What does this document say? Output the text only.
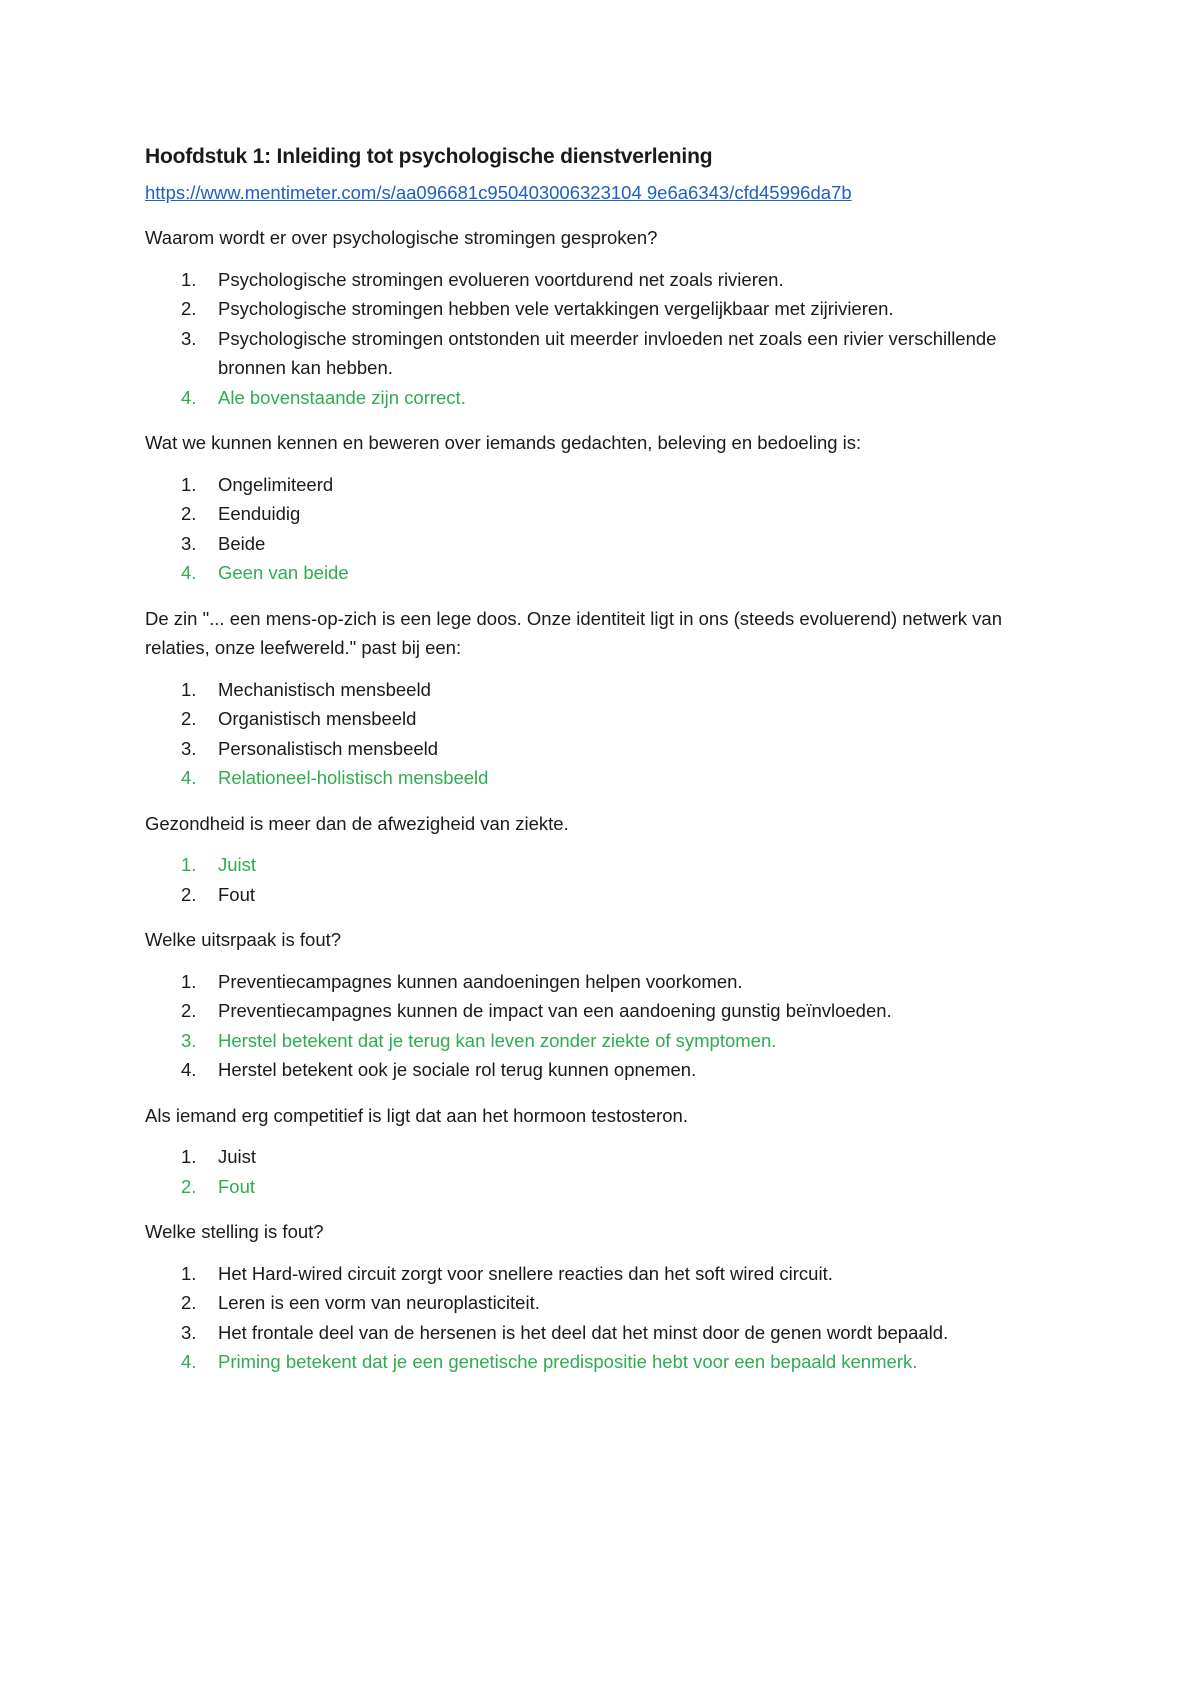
Hoofdstuk 1: Inleiding tot psychologische dienstverlening
https://www.mentimeter.com/s/aa096681c950403006323104 9e6a6343/cfd45996da7b

Waarom wordt er over psychologische stromingen gesproken?

1. Psychologische stromingen evolueren voortdurend net zoals rivieren.
2. Psychologische stromingen hebben vele vertakkingen vergelijkbaar met zijrivieren.
3. Psychologische stromingen ontstonden uit meerder invloeden net zoals een rivier verschillende bronnen kan hebben.
4. Ale bovenstaande zijn correct.

Wat we kunnen kennen en beweren over iemands gedachten, beleving en bedoeling is:

1. Ongelimiteerd
2. Eenduidig
3. Beide
4. Geen van beide

De zin "... een mens-op-zich is een lege doos. Onze identiteit ligt in ons (steeds evoluerend) netwerk van relaties, onze leefwereld." past bij een:

1. Mechanistisch mensbeeld
2. Organistisch mensbeeld
3. Personalistisch mensbeeld
4. Relationeel-holistisch mensbeeld

Gezondheid is meer dan de afwezigheid van ziekte.

1. Juist
2. Fout

Welke uitsrpaak is fout?

1. Preventiecampagnes kunnen aandoeningen helpen voorkomen.
2. Preventiecampagnes kunnen de impact van een aandoening gunstig beïnvloeden.
3. Herstel betekent dat je terug kan leven zonder ziekte of symptomen.
4. Herstel betekent ook je sociale rol terug kunnen opnemen.

Als iemand erg competitief is ligt dat aan het hormoon testosteron.

1. Juist
2. Fout

Welke stelling is fout?

1. Het Hard-wired circuit zorgt voor snellere reacties dan het soft wired circuit.
2. Leren is een vorm van neuroplasticiteit.
3. Het frontale deel van de hersenen is het deel dat het minst door de genen wordt bepaald.
4. Priming betekent dat je een genetische predispositie hebt voor een bepaald kenmerk.
